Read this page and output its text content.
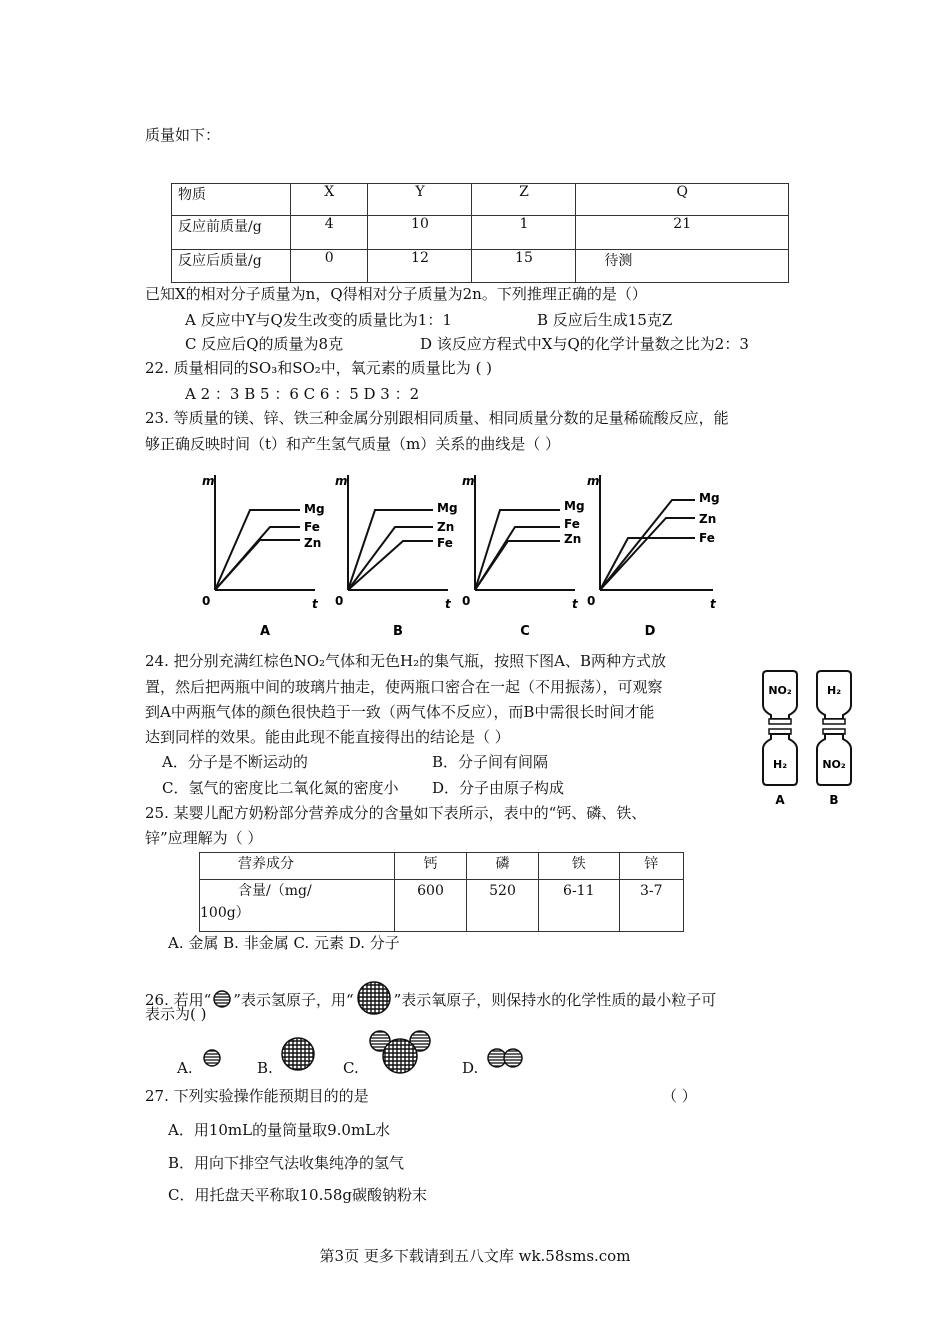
质量如下：
物质	X	Y	Z	Q
反应前质量/g	4	10	1	21
反应后质量/g	0	12	15	待测
已知X的相对分子质量为n，Q得相对分子质量为2n。下列推理正确的是（）
A 反应中Y与Q发生改变的质量比为1：1	B 反应后生成15克Z
C 反应后Q的质量为8克	D 该反应方程式中X与Q的化学计量数之比为2：3
22. 质量相同的SO₃和SO₂中，氧元素的质量比为 ( )
A 2 ：3 B 5 ：6 C 6 ：5 D 3 ：2
23. 等质量的镁、锌、铁三种金属分别跟相同质量、相同质量分数的足量稀硫酸反应，能
够正确反映时间（t）和产生氢气质量（m）关系的曲线是（ ）
m
t
0
Mg
Fe
Zn
A
m
t
0
Mg
Zn
Fe
B
m
t
0
Mg
Fe
Zn
C
m
t
0
Mg
Zn
Fe
D
24. 把分别充满红棕色NO₂气体和无色H₂的集气瓶，按照下图A、B两种方式放
置，然后把两瓶中间的玻璃片抽走，使两瓶口密合在一起（不用振荡），可观察
到A中两瓶气体的颜色很快趋于一致（两气体不反应），而B中需很长时间才能
达到同样的效果。能由此现不能直接得出的结论是（ ）
A．分子是不断运动的	B．分子间有间隔
C．氢气的密度比二氧化氮的密度小 D．分子由原子构成
NO₂
H₂
A
H₂
NO₂
B
25. 某婴儿配方奶粉部分营养成分的含量如下表所示，表中的“钙、磷、铁、
锌”应理解为（ ）
营养成分	钙	磷	铁	锌
含量/（mg/
100g）	600	520	6-11	3-7
A. 金属 B. 非金属 C. 元素 D. 分子
26. 若用“ ”表示氢原子，用“	”表示氧原子，则保持水的化学性质的最小粒子可
表示为( )
A.	B.	C.	D.
27. 下列实验操作能预期目的的是	（ ）
A．用10mL的量筒量取9.0mL水
B．用向下排空气法收集纯净的氢气
C．用托盘天平称取10.58g碳酸钠粉末
第3页 更多下载请到五八文库 wk.58sms.com
